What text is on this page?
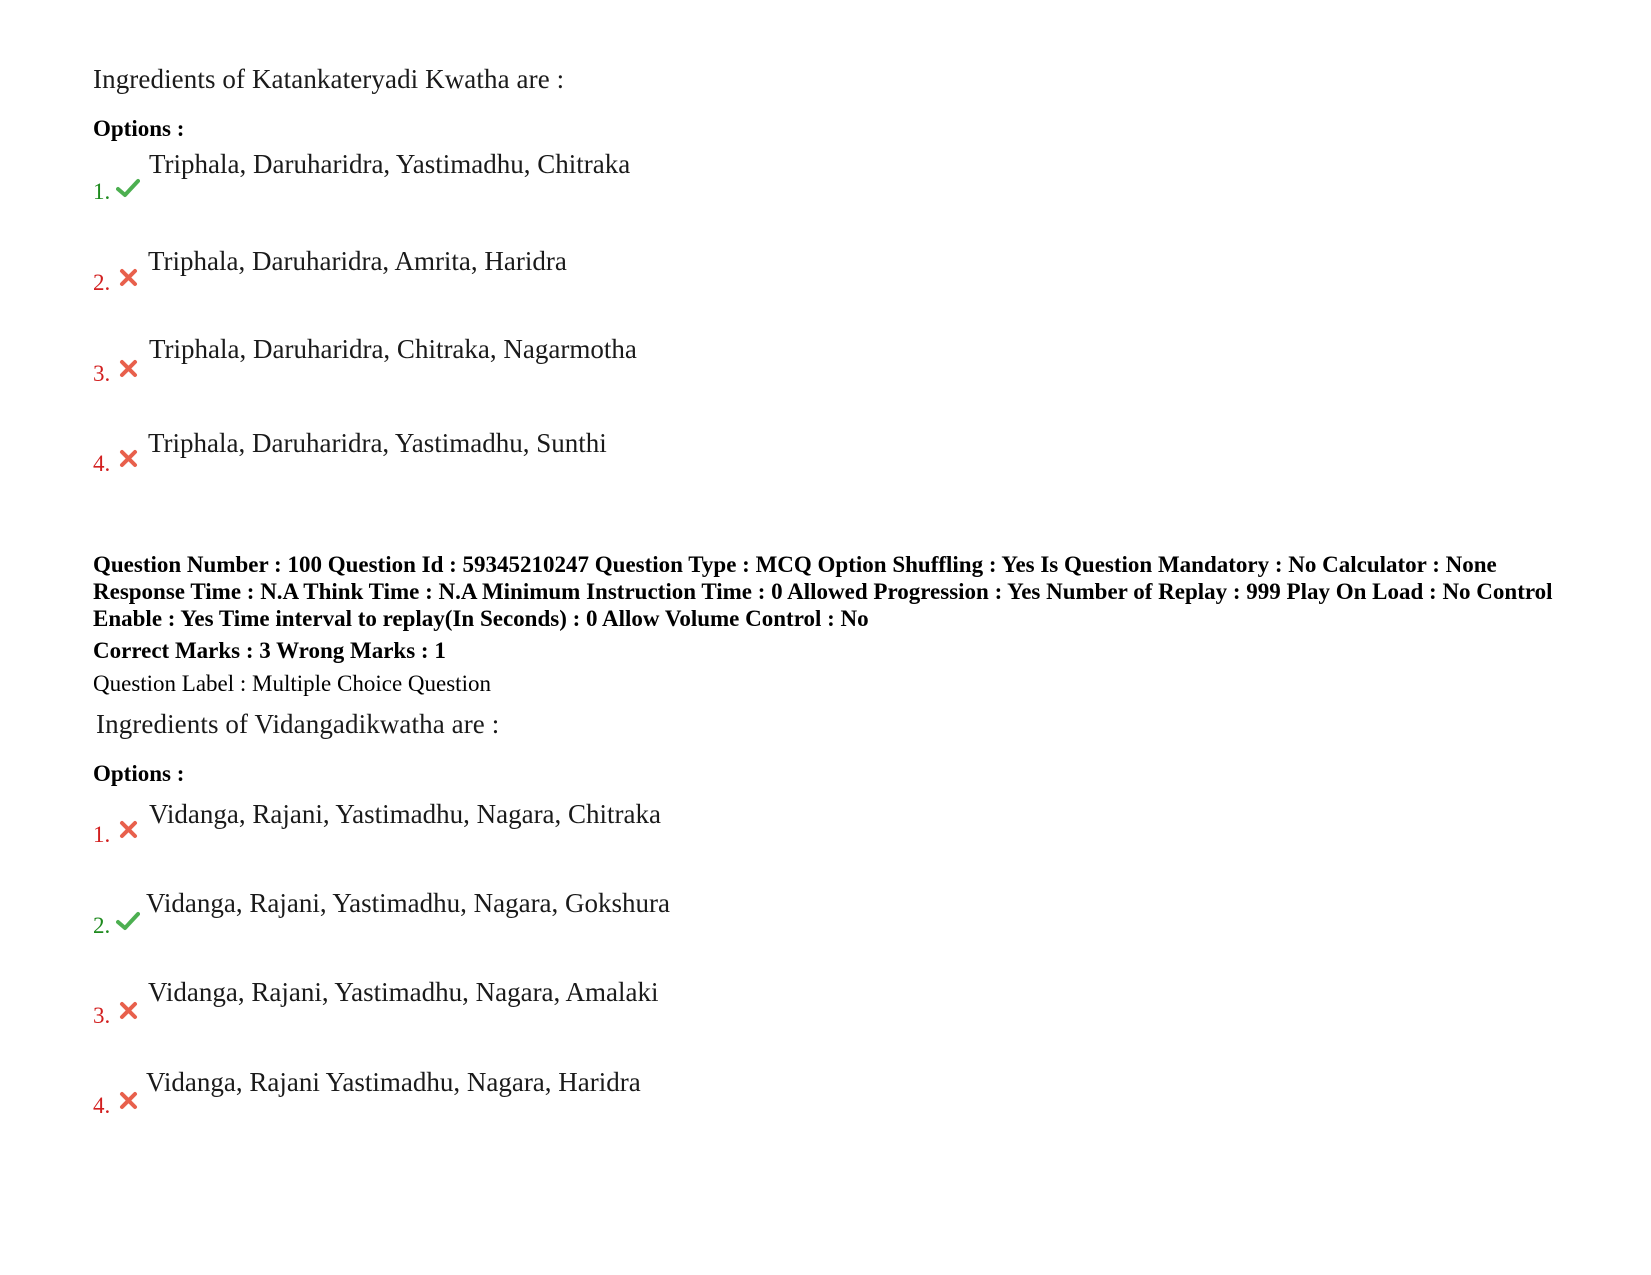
Ingredients of Katankateryadi Kwatha are :
Options :
1.
Triphala, Daruharidra, Yastimadhu, Chitraka
2.
Triphala, Daruharidra, Amrita, Haridra
3.
Triphala, Daruharidra, Chitraka, Nagarmotha
4.
Triphala, Daruharidra, Yastimadhu, Sunthi
Question Number : 100 Question Id : 59345210247 Question Type : MCQ Option Shuffling : Yes Is Question Mandatory : No Calculator : None Response Time : N.A Think Time : N.A Minimum Instruction Time : 0 Allowed Progression : Yes Number of Replay : 999 Play On Load : No Control Enable : Yes Time interval to replay(In Seconds) : 0 Allow Volume Control : No
Correct Marks : 3 Wrong Marks : 1
Question Label : Multiple Choice Question
Ingredients of Vidangadikwatha are :
Options :
1.
Vidanga, Rajani, Yastimadhu, Nagara, Chitraka
2.
Vidanga, Rajani, Yastimadhu, Nagara, Gokshura
3.
Vidanga, Rajani, Yastimadhu, Nagara, Amalaki
4.
Vidanga, Rajani Yastimadhu, Nagara, Haridra
